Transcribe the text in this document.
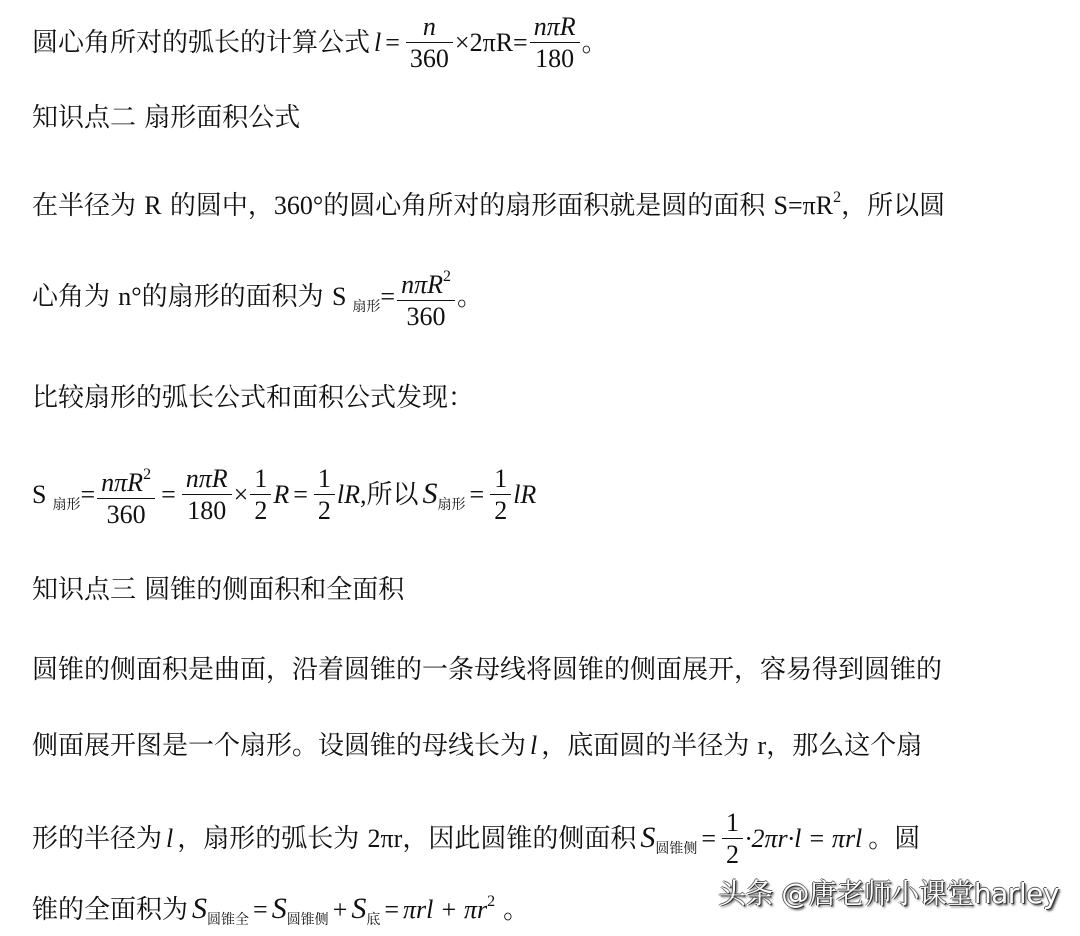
圆心角所对的弧长的计算公式 $l = \frac{n}{360} \times 2\pi R= \frac{\text{nπR}}{180}$ 。
知识点二 扇形面积公式
在半径为 R 的圆中，360°的圆心角所对的扇形面积就是圆的面积 $S=\pi R^2$，所以圆
心角为 n°的扇形的面积为 S $_{扇形}= \frac{n\pi R^2}{360}$ 。
比较扇形的弧长公式和面积公式发现：
S $_{扇形}= \frac{n\pi R^2}{360} = \frac{\text{nπR}}{180} \times \frac{1}{2}$ $R = \frac{1}{2}$ lR,所以 $S_{扇形} = \frac{1}{2}$ lR
知识点三 圆锥的侧面积和全面积
圆锥的侧面积是曲面，沿着圆锥的一条母线将圆锥的侧面展开，容易得到圆锥的
侧面展开图是一个扇形。设圆锥的母线长为 l ，底面圆的半径为 r，那么这个扇
形的半径为 l ，扇形的弧长为 2πr，因此圆锥的侧面积 $S_{圆锥侧} = \frac{1}{2} \cdot 2\pi r\cdot l = \pi rl$ 。圆
锥的全面积为 $S_{圆锥全} = S_{圆锥侧} + S_底 = \pi rl + \pi r^2$ 。	头条 @唐老师小课堂harley
